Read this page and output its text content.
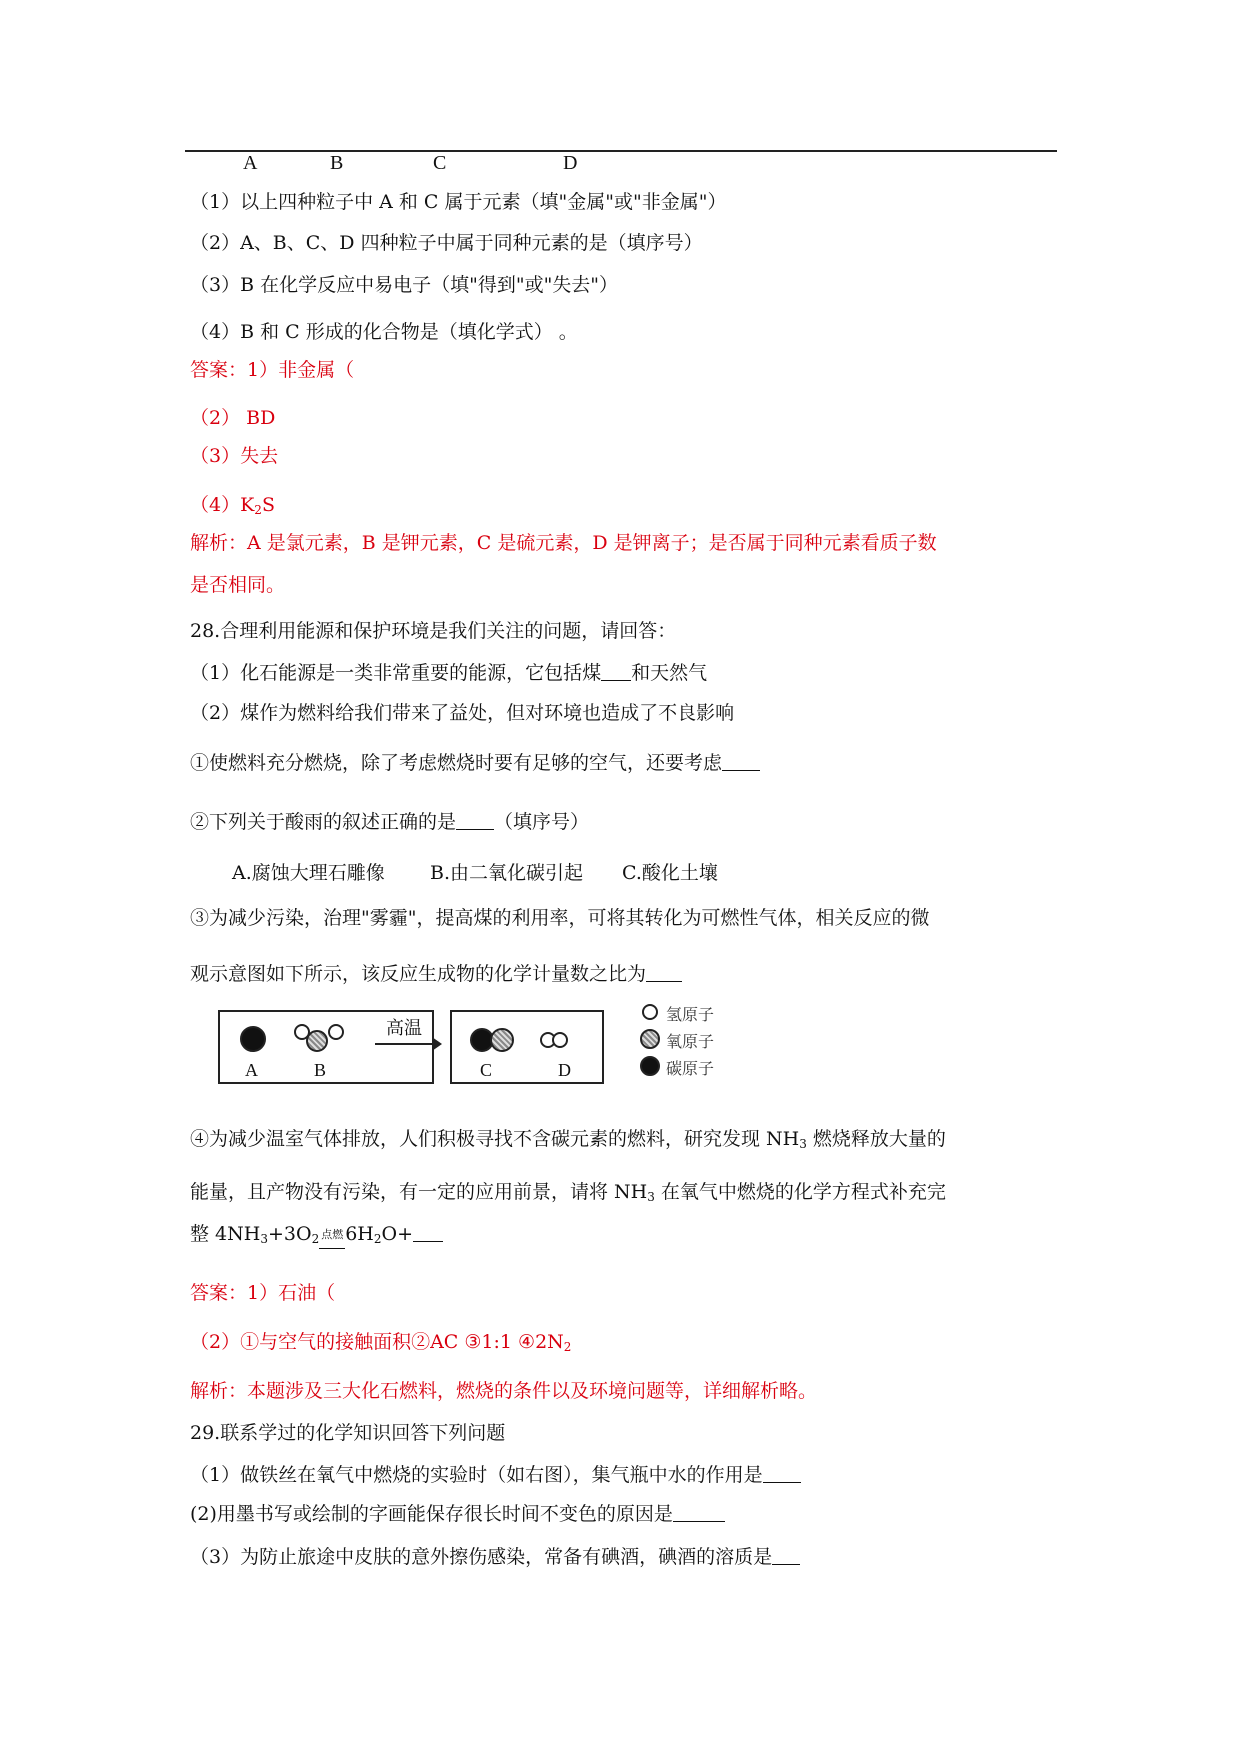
A	B	C	D
（1）以上四种粒子中 A 和 C 属于元素（填"金属"或"非金属"）
（2）A、B、C、D 四种粒子中属于同种元素的是（填序号）
（3）B 在化学反应中易电子（填"得到"或"失去"）
（4）B 和 C 形成的化合物是（填化学式） 。
答案：1）非金属（
（2） BD
（3）失去
$(4)K_2S$
解析：A 是氯元素，B 是钾元素，C 是硫元素，D 是钾离子；是否属于同种元素看质子数
是否相同。
28.合理利用能源和保护环境是我们关注的问题，请回答：
（1）化石能源是一类非常重要的能源，它包括煤 和天然气
（2）煤作为燃料给我们带来了益处，但对环境也造成了不良影响
①使燃料充分燃烧，除了考虑燃烧时要有足够的空气，还要考虑
②下列关于酸雨的叙述正确的是 （填序号）
A.腐蚀大理石雕像 B.由二氧化碳引起 C.酸化土壤
③为减少污染，治理"雾霾"，提高煤的利用率，可将其转化为可燃性气体，相关反应的微
观示意图如下所示，该反应生成物的化学计量数之比为
A	B
高温
C	D
氢原子
氧原子
碳原子
④为减少温室气体排放，人们积极寻找不含碳元素的燃料，研究发现 $NH_3$ 燃烧释放大量的
能量，且产物没有污染，有一定的应用前景，请将 $NH_3$ 在氧气中燃烧的化学方程式补充完
整 $4NH_3+3O_2$ 点燃 $6H_2O+$
答案：1）石油（
（2）①与空气的接触面积②AC ③1:1 $④2N_2$
解析：本题涉及三大化石燃料，燃烧的条件以及环境问题等，详细解析略。
29.联系学过的化学知识回答下列问题
（1）做铁丝在氧气中燃烧的实验时（如右图），集气瓶中水的作用是
(2)用墨书写或绘制的字画能保存很长时间不变色的原因是
（3）为防止旅途中皮肤的意外擦伤感染，常备有碘酒，碘酒的溶质是
